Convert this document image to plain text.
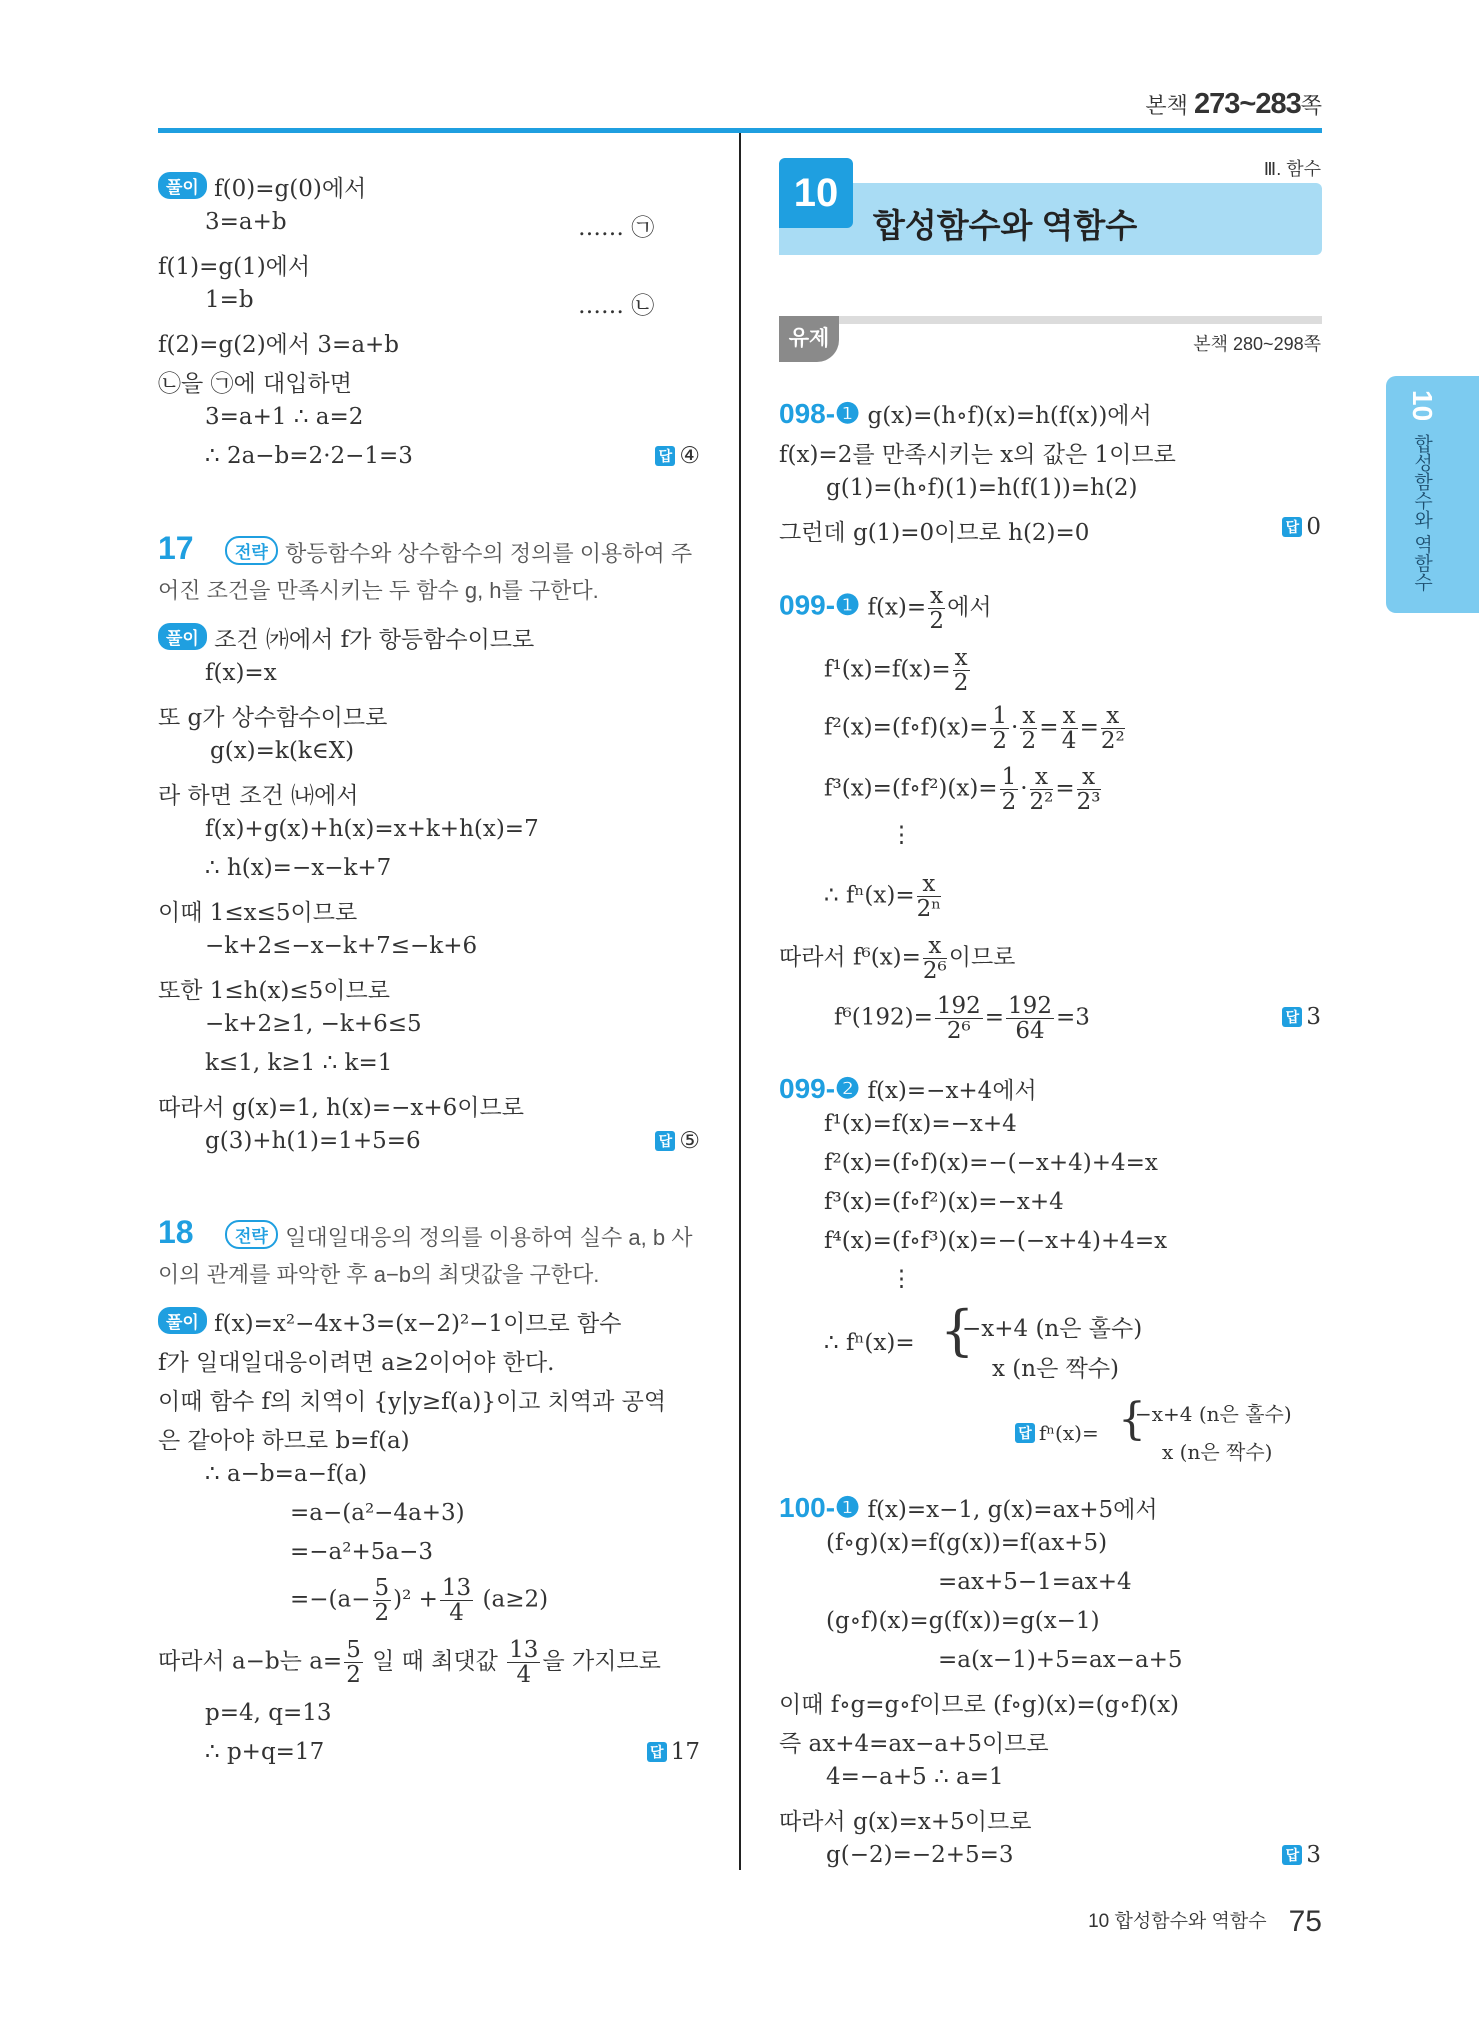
본책 273~283쪽
10
합성함수와 역함수
풀이 f(0)=g(0)에서
3=a+b	…… ㉠
f(1)=g(1)에서
1=b	…… ㉡
f(2)=g(2)에서 3=a+b
㉡을 ㉠에 대입하면
3=a+1 ∴ a=2
∴ 2a−b=2·2−1=3	답 ④
17	전략 항등함수와 상수함수의 정의를 이용하여 주
어진 조건을 만족시키는 두 함수 g, h를 구한다.
풀이 조건 ㈎에서 f가 항등함수이므로
f(x)=x
또 g가 상수함수이므로
g(x)=k(k∈X)
라 하면 조건 ㈏에서
f(x)+g(x)+h(x)=x+k+h(x)=7
∴ h(x)=−x−k+7
이때 1≤x≤5이므로
−k+2≤−x−k+7≤−k+6
또한 1≤h(x)≤5이므로
−k+2≥1, −k+6≤5
k≤1, k≥1 ∴ k=1
따라서 g(x)=1, h(x)=−x+6이므로
g(3)+h(1)=1+5=6	답 ⑤
18	전략 일대일대응의 정의를 이용하여 실수 a, b 사
이의 관계를 파악한 후 a−b의 최댓값을 구한다.
풀이 f(x)=x²−4x+3=(x−2)²−1이므로 함수
f가 일대일대응이려면 a≥2이어야 한다.
이때 함수 f의 치역이 {y|y≥f(a)}이고 치역과 공역
은 같아야 하므로 b=f(a)
∴ a−b=a−f(a)
=a−(a²−4a+3)
=−a²+5a−3
$=-(a- \frac{5}{2} )^2 + \frac{13}{4} (a\ge 2)$
따라서 a−b는 $a= \frac{5}{2}$ 일 때 최댓값 $\frac{13}{4}$ 을 가지므로
p=4, q=13
∴ p+q=17	답 17
Ⅲ. 함수
10
합성함수와 역함수
유제	본책 280~298쪽
098-❶ g(x)=(h∘f)(x)=h(f(x))에서
f(x)=2를 만족시키는 x의 값은 1이므로
g(1)=(h∘f)(1)=h(f(1))=h(2)
그런데 g(1)=0이므로 h(2)=0	답 0
099-❶ $f(x)= \frac{x}{2}$ 에서
$f^1(x)=f(x)= \frac{x}{2}$
f²(x)=(f∘f)(x)= $\frac{1}{2} \cdot \frac{x}{2} = \frac{x}{4} = \frac{x}{\text{2²}}$
f³(x)=(f∘f²)(x)= $\frac{1}{2} \cdot \frac{x}{\text{2²}} = \frac{x}{\text{2³}}$
⋮
∴ $f^n(x)= \frac{x}{\text{2ⁿ}}$
따라서 $f^6(x)= \frac{x}{\text{2⁶}}$ 이므로
$f^6(192)= \frac{192}{\text{2⁶}} = \frac{192}{64} =3$	답 3
099-❷ f(x)=−x+4에서
f¹(x)=f(x)=−x+4
f²(x)=(f∘f)(x)=−(−x+4)+4=x
f³(x)=(f∘f²)(x)=−x+4
f⁴(x)=(f∘f³)(x)=−(−x+4)+4=x
⋮
∴ fⁿ(x)= {
−x+4 (n은 홀수)
x (n은 짝수)
답 fⁿ(x)= {
−x+4 (n은 홀수)
x (n은 짝수)
100-❶ f(x)=x−1, g(x)=ax+5에서
(f∘g)(x)=f(g(x))=f(ax+5)
=ax+5−1=ax+4
(g∘f)(x)=g(f(x))=g(x−1)
=a(x−1)+5=ax−a+5
이때 f∘g=g∘f이므로 (f∘g)(x)=(g∘f)(x)
즉 ax+4=ax−a+5이므로
4=−a+5 ∴ a=1
따라서 g(x)=x+5이므로
g(−2)=−2+5=3	답 3
10 합성함수와 역함수 75
